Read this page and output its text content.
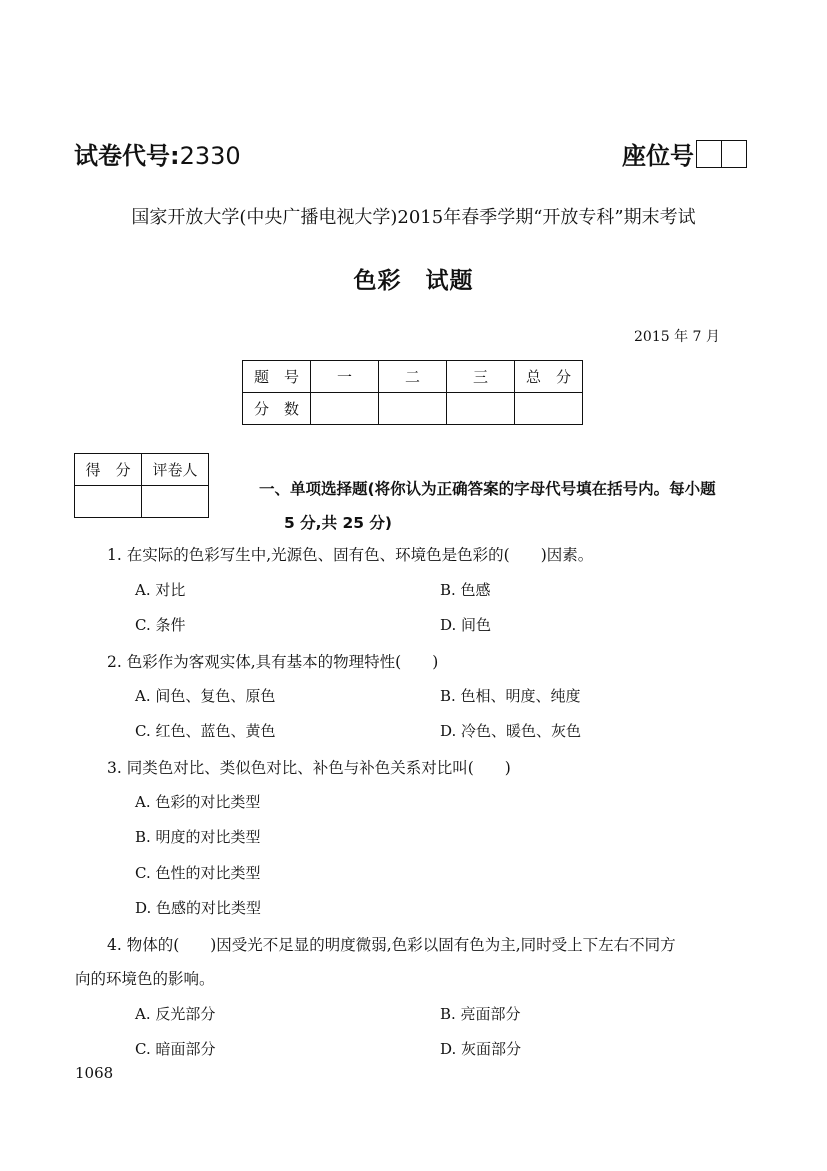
试卷代号:2330	座位号
国家开放大学(中央广播电视大学)2015年春季学期“开放专科”期末考试
色彩　试题
2015 年 7 月
题　号	一	二	三	总　分
分　数				
得　分	评卷人

一、单项选择题(将你认为正确答案的字母代号填在括号内。每小题
5 分,共 25 分)
1. 在实际的色彩写生中,光源色、固有色、环境色是色彩的(　　)因素。
A. 对比	B. 色感
C. 条件	D. 间色
2. 色彩作为客观实体,具有基本的物理特性(　　)
A. 间色、复色、原色	B. 色相、明度、纯度
C. 红色、蓝色、黄色	D. 冷色、暖色、灰色
3. 同类色对比、类似色对比、补色与补色关系对比叫(　　)
A. 色彩的对比类型
B. 明度的对比类型
C. 色性的对比类型
D. 色感的对比类型
4. 物体的(　　)因受光不足显的明度微弱,色彩以固有色为主,同时受上下左右不同方
向的环境色的影响。
A. 反光部分	B. 亮面部分
C. 暗面部分	D. 灰面部分
1068
